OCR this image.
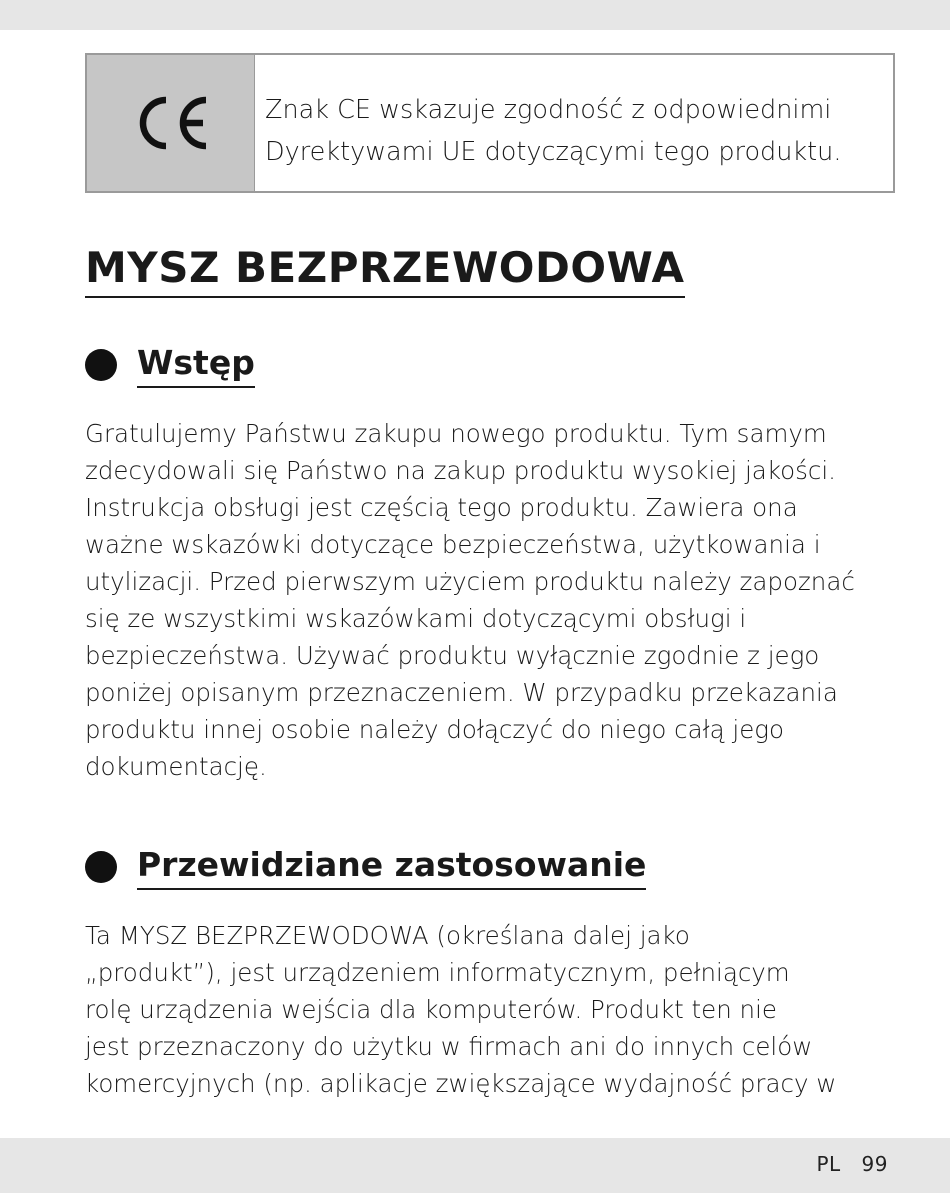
Znak CE wskazuje zgodność z odpowiednimi
Dyrektywami UE dotyczącymi tego produktu.
MYSZ BEZPRZEWODOWA
Wstęp

Gratulujemy Państwu zakupu nowego produktu. Tym samym
zdecydowali się Państwo na zakup produktu wysokiej jakości.
Instrukcja obsługi jest częścią tego produktu. Zawiera ona
ważne wskazówki dotyczące bezpieczeństwa, użytkowania i
utylizacji. Przed pierwszym użyciem produktu należy zapoznać
się ze wszystkimi wskazówkami dotyczącymi obsługi i
bezpieczeństwa. Używać produktu wyłącznie zgodnie z jego
poniżej opisanym przeznaczeniem. W przypadku przekazania
produktu innej osobie należy dołączyć do niego całą jego
dokumentację.

Przewidziane zastosowanie

Ta MYSZ BEZPRZEWODOWA (określana dalej jako
„produkt”), jest urządzeniem informatycznym, pełniącym
rolę urządzenia wejścia dla komputerów. Produkt ten nie
jest przeznaczony do użytku w firmach ani do innych celów
komercyjnych (np. aplikacje zwiększające wydajność pracy w

PL 99
